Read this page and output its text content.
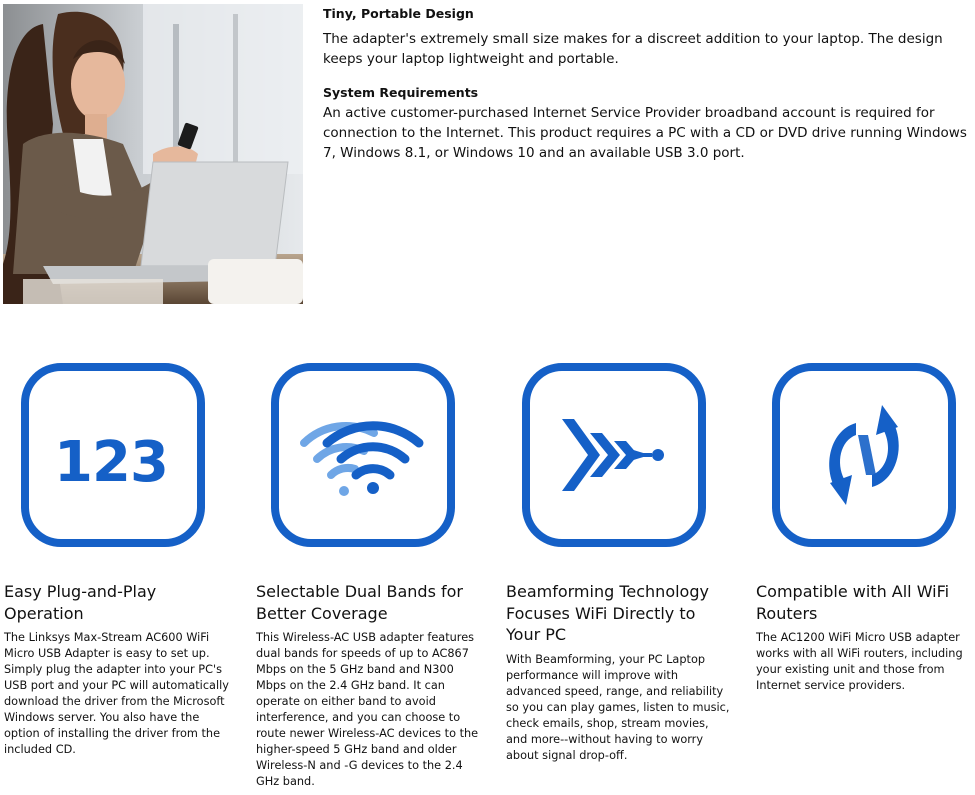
Tiny, Portable Design
The adapter's extremely small size makes for a discreet addition to your laptop. The design keeps your laptop lightweight and portable.
System Requirements
An active customer-purchased Internet Service Provider broadband account is required for connection to the Internet. This product requires a PC with a CD or DVD drive running Windows 7, Windows 8.1, or Windows 10 and an available USB 3.0 port.
123
Easy Plug-and-Play Operation
The Linksys Max-Stream AC600 WiFi Micro USB Adapter is easy to set up. Simply plug the adapter into your PC's USB port and your PC will automatically download the driver from the Microsoft Windows server. You also have the option of installing the driver from the included CD.
Selectable Dual Bands for Better Coverage
This Wireless-AC USB adapter features dual bands for speeds of up to AC867 Mbps on the 5 GHz band and N300 Mbps on the 2.4 GHz band. It can operate on either band to avoid interference, and you can choose to route newer Wireless-AC devices to the higher-speed 5 GHz band and older Wireless-N and -G devices to the 2.4 GHz band.
Beamforming Technology Focuses WiFi Directly to Your PC
With Beamforming, your PC Laptop performance will improve with advanced speed, range, and reliability so you can play games, listen to music, check emails, shop, stream movies, and more--without having to worry about signal drop-off.
Compatible with All WiFi Routers
The AC1200 WiFi Micro USB adapter works with all WiFi routers, including your existing unit and those from Internet service providers.
